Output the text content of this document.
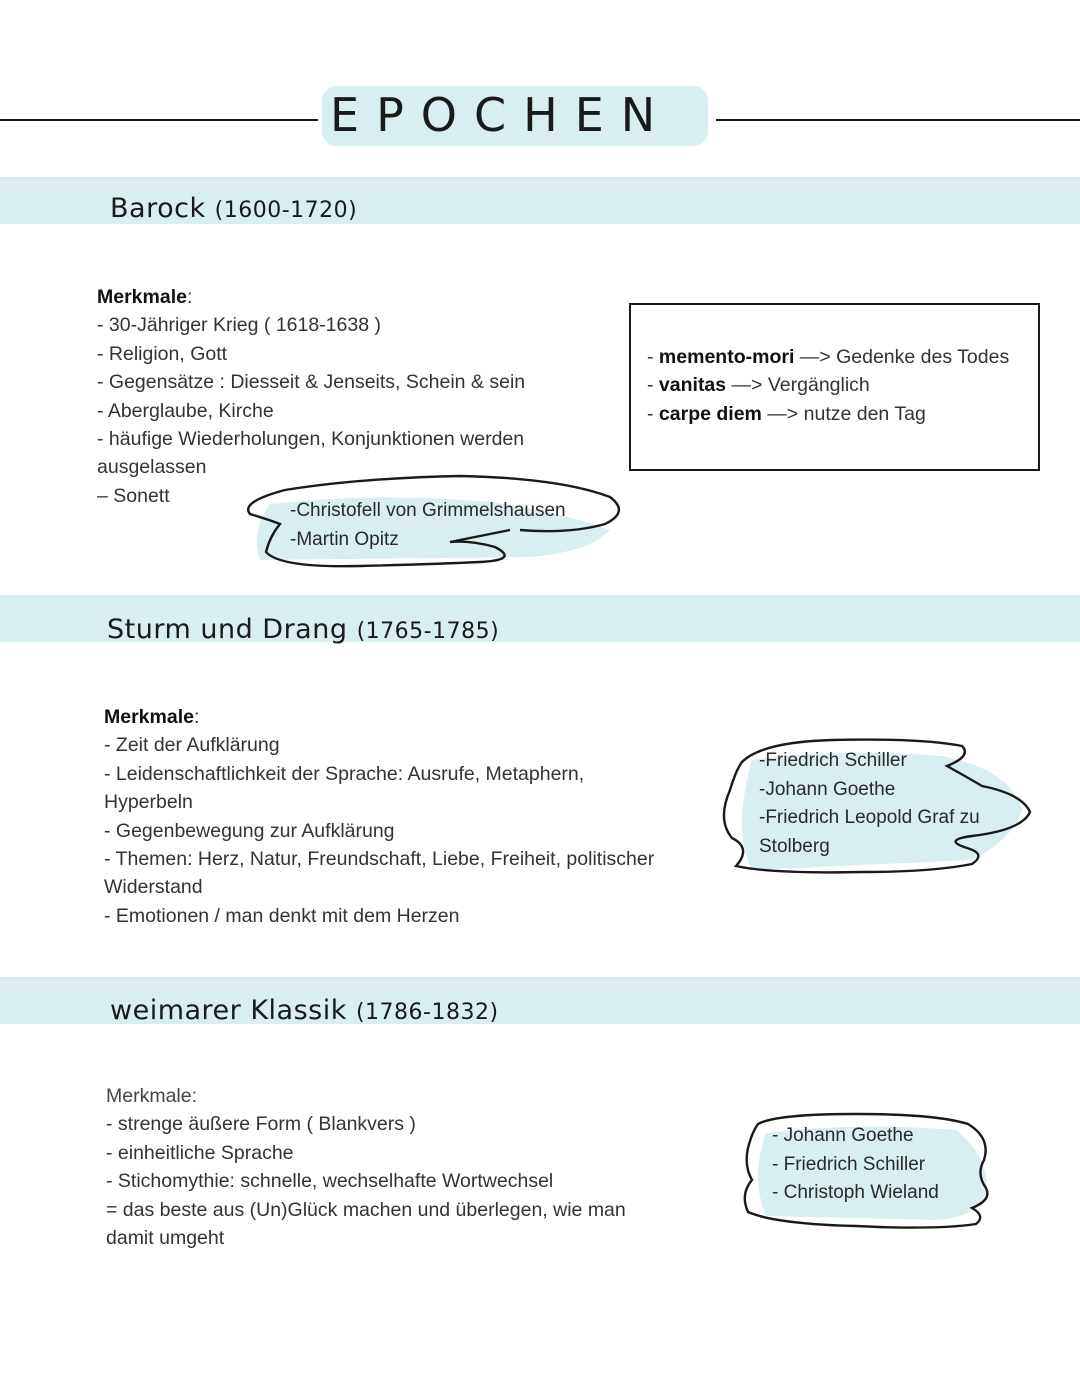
EPOCHEN
Barock (1600-1720)
Merkmale:
- 30-Jähriger Krieg ( 1618-1638 )
- Religion, Gott
- Gegensätze : Diesseit & Jenseits, Schein & sein
- Aberglaube, Kirche
- häufige Wiederholungen, Konjunktionen werden
ausgelassen
– Sonett
- memento-mori —> Gedenke des Todes
- vanitas —> Vergänglich
- carpe diem —> nutze den Tag
-Christofell von Grimmelshausen
-Martin Opitz
Sturm und Drang (1765-1785)
Merkmale:
- Zeit der Aufklärung
- Leidenschaftlichkeit der Sprache: Ausrufe, Metaphern,
Hyperbeln
- Gegenbewegung zur Aufklärung
- Themen: Herz, Natur, Freundschaft, Liebe, Freiheit, politischer
Widerstand
- Emotionen / man denkt mit dem Herzen
-Friedrich Schiller
-Johann Goethe
-Friedrich Leopold Graf zu
Stolberg
weimarer Klassik (1786-1832)
Merkmale:
- strenge äußere Form ( Blankvers )
- einheitliche Sprache
- Stichomythie: schnelle, wechselhafte Wortwechsel
= das beste aus (Un)Glück machen und überlegen, wie man
damit umgeht
- Johann Goethe
- Friedrich Schiller
- Christoph Wieland
